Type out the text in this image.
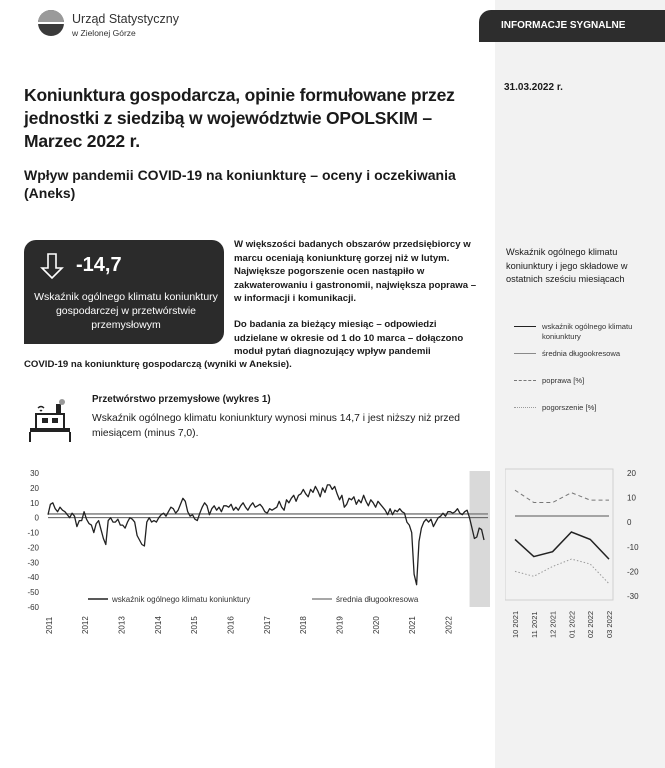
Urząd Statystyczny
w Zielonej Górze
INFORMACJE SYGNALNE
31.03.2022 r.
Koniunktura gospodarcza, opinie formułowane przez jednostki z siedzibą w województwie OPOLSKIM – Marzec 2022 r.
Wpływ pandemii COVID-19 na koniunkturę – oceny i oczekiwania (Aneks)
-14,7
Wskaźnik ogólnego klimatu koniunktury gospodarczej w przetwórstwie przemysłowym
W większości badanych obszarów przedsiębiorcy w marcu oceniają koniunkturę gorzej niż w lutym. Największe pogorszenie ocen nastąpiło w zakwaterowaniu i gastronomii, największa poprawa – w informacji i komunikacji.
Do badania za bieżący miesiąc – odpowiedzi udzielane w okresie od 1 do 10 marca – dołączono moduł pytań diagnozujący wpływ pandemii
COVID-19 na koniunkturę gospodarczą (wyniki w Aneksie).
Przetwórstwo przemysłowe (wykres 1)
Wskaźnik ogólnego klimatu koniunktury wynosi minus 14,7 i jest niższy niż przed miesiącem (minus 7,0).
Wskaźnik ogólnego klimatu koniunktury i jego składowe w ostatnich sześciu miesiącach
wskaźnik ogólnego klimatu koniunktury
średnia długookresowa
poprawa [%]
pogorszenie [%]
30
20
10
0
-10
-20
-30
-40
-50
-60
2011	2012	2013	2014	2015	2016	2017	2018	2019	2020	2021	2022
wskaźnik ogólnego klimatu koniunktury	średnia długookresowa
20
10
0
-10
-20
-30
10 2021 11 2021 12 2021 01 2022 02 2022 03 2022
